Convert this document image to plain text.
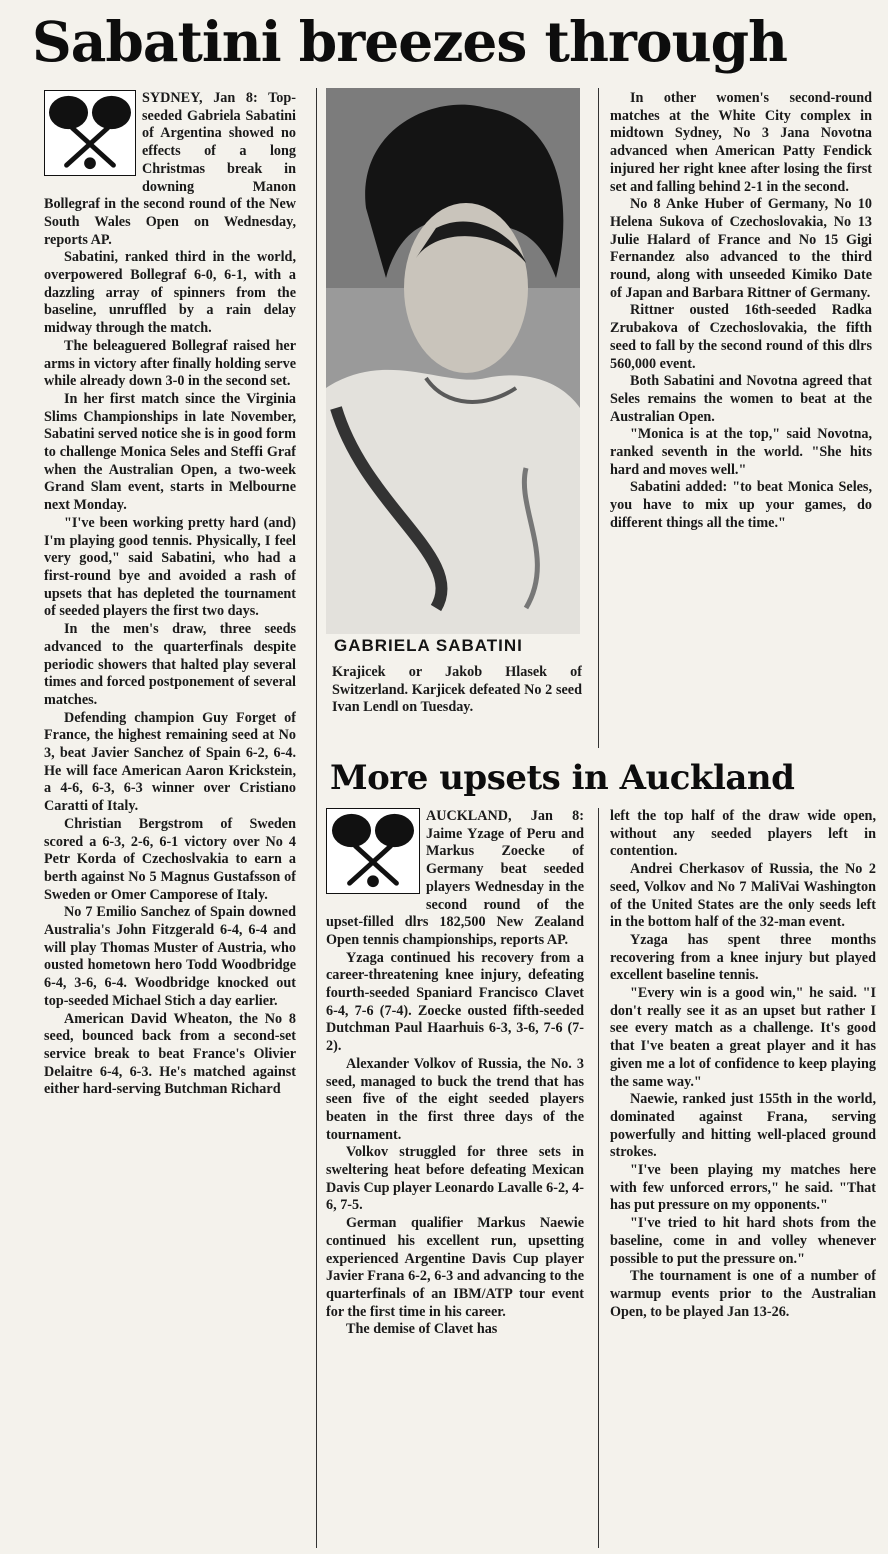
Sabatini breezes through

SYDNEY, Jan 8: Top-seeded Gabriela Sabatini of Argentina showed no effects of a long Christmas break in downing Manon Bollegraf in the second round of the New South Wales Open on Wednesday, reports AP.

Sabatini, ranked third in the world, overpowered Bollegraf 6-0, 6-1, with a dazzling array of spinners from the baseline, unruffled by a rain delay midway through the match.

The beleaguered Bollegraf raised her arms in victory after finally holding serve while already down 3-0 in the second set.

In her first match since the Virginia Slims Championships in late November, Sabatini served notice she is in good form to challenge Monica Seles and Steffi Graf when the Australian Open, a two-week Grand Slam event, starts in Melbourne next Monday.

"I've been working pretty hard (and) I'm playing good tennis. Physically, I feel very good," said Sabatini, who had a first-round bye and avoided a rash of upsets that has depleted the tournament of seeded players the first two days.

In the men's draw, three seeds advanced to the quarterfinals despite periodic showers that halted play several times and forced postponement of several matches.

Defending champion Guy Forget of France, the highest remaining seed at No 3, beat Javier Sanchez of Spain 6-2, 6-4. He will face American Aaron Krickstein, a 4-6, 6-3, 6-3 winner over Cristiano Caratti of Italy.

Christian Bergstrom of Sweden scored a 6-3, 2-6, 6-1 victory over No 4 Petr Korda of Czechoslvakia to earn a berth against No 5 Magnus Gustafsson of Sweden or Omer Camporese of Italy.

No 7 Emilio Sanchez of Spain downed Australia's John Fitzgerald 6-4, 6-4 and will play Thomas Muster of Austria, who ousted hometown hero Todd Woodbridge 6-4, 3-6, 6-4. Woodbridge knocked out top-seeded Michael Stich a day earlier.

American David Wheaton, the No 8 seed, bounced back from a second-set service break to beat France's Olivier Delaitre 6-4, 6-3. He's matched against either hard-serving Butchman Richard

GABRIELA SABATINI

Krajicek or Jakob Hlasek of Switzerland. Karjicek defeated No 2 seed Ivan Lendl on Tuesday.

In other women's second-round matches at the White City complex in midtown Sydney, No 3 Jana Novotna advanced when American Patty Fendick injured her right knee after losing the first set and falling behind 2-1 in the second.

No 8 Anke Huber of Germany, No 10 Helena Sukova of Czechoslovakia, No 13 Julie Halard of France and No 15 Gigi Fernandez also advanced to the third round, along with unseeded Kimiko Date of Japan and Barbara Rittner of Germany.

Rittner ousted 16th-seeded Radka Zrubakova of Czechoslovakia, the fifth seed to fall by the second round of this dlrs 560,000 event.

Both Sabatini and Novotna agreed that Seles remains the women to beat at the Australian Open.

"Monica is at the top," said Novotna, ranked seventh in the world. "She hits hard and moves well."

Sabatini added: "to beat Monica Seles, you have to mix up your games, do different things all the time."

More upsets in Auckland

AUCKLAND, Jan 8: Jaime Yzage of Peru and Markus Zoecke of Germany beat seeded players Wednesday in the second round of the upset-filled dlrs 182,500 New Zealand Open tennis championships, reports AP.

Yzaga continued his recovery from a career-threatening knee injury, defeating fourth-seeded Spaniard Francisco Clavet 6-4, 7-6 (7-4). Zoecke ousted fifth-seeded Dutchman Paul Haarhuis 6-3, 3-6, 7-6 (7-2).

Alexander Volkov of Russia, the No. 3 seed, managed to buck the trend that has seen five of the eight seeded players beaten in the first three days of the tournament.

Volkov struggled for three sets in sweltering heat before defeating Mexican Davis Cup player Leonardo Lavalle 6-2, 4-6, 7-5.

German qualifier Markus Naewie continued his excellent run, upsetting experienced Argentine Davis Cup player Javier Frana 6-2, 6-3 and advancing to the quarterfinals of an IBM/ATP tour event for the first time in his career.

The demise of Clavet has

left the top half of the draw wide open, without any seeded players left in contention.

Andrei Cherkasov of Russia, the No 2 seed, Volkov and No 7 MaliVai Washington of the United States are the only seeds left in the bottom half of the 32-man event.

Yzaga has spent three months recovering from a knee injury but played excellent baseline tennis.

"Every win is a good win," he said. "I don't really see it as an upset but rather I see every match as a challenge. It's good that I've beaten a great player and it has given me a lot of confidence to keep playing the same way."

Naewie, ranked just 155th in the world, dominated against Frana, serving powerfully and hitting well-placed ground strokes.

"I've been playing my matches here with few unforced errors," he said. "That has put pressure on my opponents."

"I've tried to hit hard shots from the baseline, come in and volley whenever possible to put the pressure on."

The tournament is one of a number of warmup events prior to the Australian Open, to be played Jan 13-26.
